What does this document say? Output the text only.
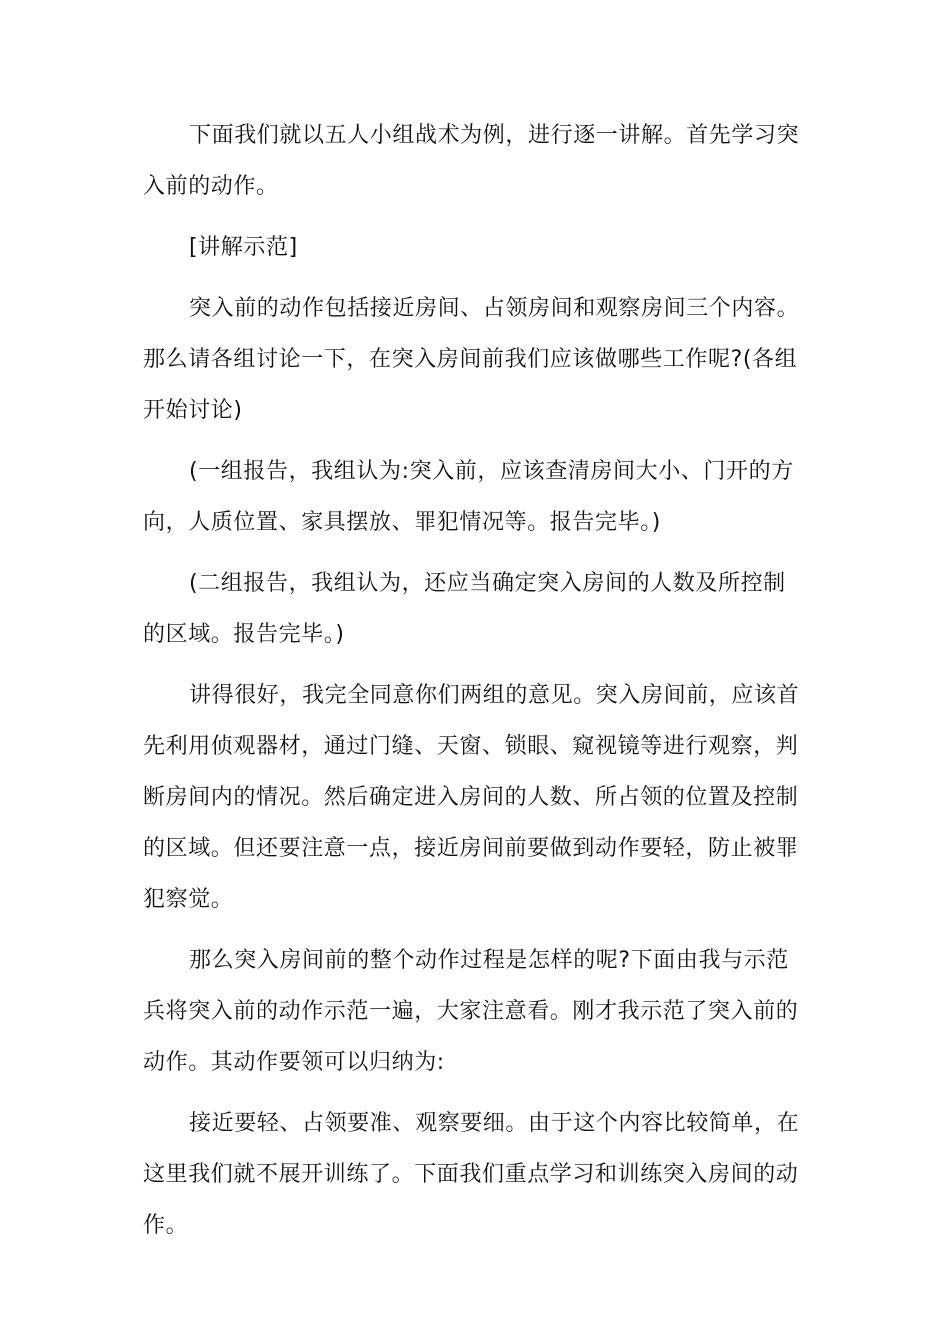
下面我们就以五人小组战术为例，进行逐一讲解。首先学习突入前的动作。

[讲解示范]

突入前的动作包括接近房间、占领房间和观察房间三个内容。那么请各组讨论一下，在突入房间前我们应该做哪些工作呢?(各组开始讨论)

(一组报告，我组认为:突入前，应该查清房间大小、门开的方向，人质位置、家具摆放、罪犯情况等。报告完毕。)

(二组报告，我组认为，还应当确定突入房间的人数及所控制的区域。报告完毕。)

讲得很好，我完全同意你们两组的意见。突入房间前，应该首先利用侦观器材，通过门缝、天窗、锁眼、窥视镜等进行观察，判断房间内的情况。然后确定进入房间的人数、所占领的位置及控制的区域。但还要注意一点，接近房间前要做到动作要轻，防止被罪犯察觉。

那么突入房间前的整个动作过程是怎样的呢?下面由我与示范兵将突入前的动作示范一遍，大家注意看。刚才我示范了突入前的动作。其动作要领可以归纳为:

接近要轻、占领要准、观察要细。由于这个内容比较简单，在这里我们就不展开训练了。下面我们重点学习和训练突入房间的动作。
